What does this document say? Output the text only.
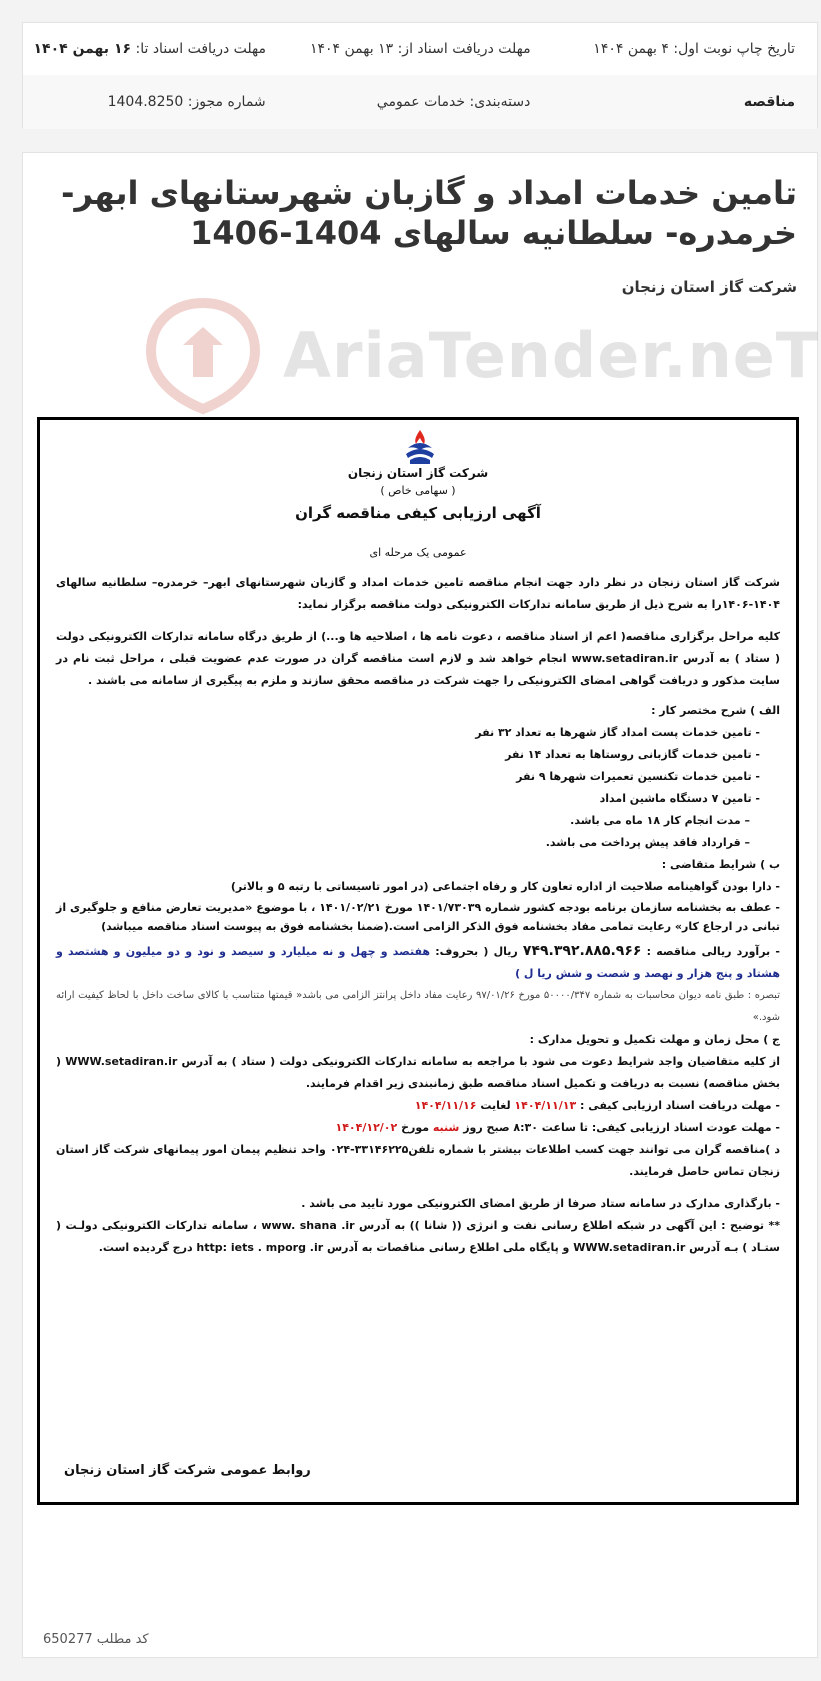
تاریخ چاپ نوبت اول: ۴ بهمن ۱۴۰۴
مهلت دریافت اسناد از: ۱۳ بهمن ۱۴۰۴
مهلت دریافت اسناد تا: ۱۶ بهمن ۱۴۰۴
مناقصه
دسته‌بندی: خدمات عمومي
شماره مجوز: 1404.8250
تامین خدمات امداد و گازبان شهرستانهای ابهر- خرمدره- سلطانیه سالهای 1404-1406
شرکت گاز استان زنجان
AriaTender.neT
شرکت گاز استان زنجان
( سهامی خاص )
آگهی ارزیابی کیفی مناقصه گران
عمومی یک مرحله ای

شرکت گاز استان زنجان در نظر دارد جهت انجام مناقصه تامین خدمات امداد و گازبان شهرستانهای ابهر– خرمدره– سلطانیه سالهای ۱۴۰۴-۱۴۰۶را به شرح ذیل از طریق سامانه تدارکات الکترونیکی دولت مناقصه برگزار نماید:

کلیه مراحل برگزاری مناقصه( اعم از اسناد مناقصه ، دعوت نامه ها ، اصلاحیه ها و...) از طریق درگاه سامانه تدارکات الکترونیکی دولت ( ستاد ) به آدرس www.setadiran.ir انجام خواهد شد و لازم است مناقصه گران در صورت عدم عضویت قبلی ، مراحل ثبت نام در سایت مذکور و دریافت گواهی امضای الکترونیکی را جهت شرکت در مناقصه محقق سازند و ملزم به پیگیری از سامانه می باشند .

الف ) شرح مختصر کار :

- تامین خدمات پست امداد گاز شهرها به تعداد ۳۲ نفر

- تامین خدمات گازبانی روستاها به تعداد ۱۴ نفر

- تامین خدمات تکنسین تعمیرات شهرها ۹ نفر

- تامین ۷ دستگاه ماشین امداد

– مدت انجام کار ۱۸ ماه می باشد.

– قرارداد فاقد پیش پرداخت می باشد.

ب ) شرایط متقاضی :

- دارا بودن گواهینامه صلاحیت از اداره تعاون کار و رفاه اجتماعی (در امور تاسیساتی با رتبه ۵ و بالاتر)

- عطف به بخشنامه سازمان برنامه بودجه کشور شماره ۱۴۰۱/۷۳۰۳۹ مورخ ۱۴۰۱/۰۲/۲۱ ، با موضوع «مدیریت تعارض منافع و جلوگیری از تبانی در ارجاع کار» رعایت تمامی مفاد بخشنامه فوق الذکر الزامی است.(ضمنا بخشنامه فوق به پیوست اسناد مناقصه میباشد)

- برآورد ریالی مناقصه : ۷۴۹.۳۹۲.۸۸۵.۹۶۶ ریال ( بحروف: هفتصد و چهل و نه میلیارد و سیصد و نود و دو میلیون و هشتصد و هشتاد و پنج هزار و نهصد و شصت و شش ریا ل )

تبصره : طبق نامه دیوان محاسبات به شماره ۵۰۰۰۰/۳۴۷ مورخ ۹۷/۰۱/۲۶ رعایت مفاد داخل پرانتز الزامی می باشد« قیمتها متناسب با کالای ساخت داخل با لحاظ کیفیت ارائه شود.»

ج ) محل زمان و مهلت تکمیل و تحویل مدارک :

از کلیه متقاضیان واجد شرایط دعوت می شود با مراجعه به سامانه تدارکات الکترونیکی دولت ( ستاد ) به آدرس WWW.setadiran.ir ( بخش مناقصه) نسبت به دریافت و تکمیل اسناد مناقصه طبق زمانبندی زیر اقدام فرمایند.

- مهلت دریافت اسناد ارزیابی کیفی : ۱۴۰۴/۱۱/۱۳ لغایت ۱۴۰۴/۱۱/۱۶

- مهلت عودت اسناد ارزیابی کیفی: تا ساعت ۸:۳۰ صبح روز شنبه مورخ ۱۴۰۴/۱۲/۰۲

د )مناقصه گران می توانند جهت کسب اطلاعات بیشتر با شماره تلفن۳۳۱۴۶۲۲۵-۰۲۴ واحد تنظیم پیمان امور پیمانهای شرکت گاز استان زنجان تماس حاصل فرمایند.

- بارگذاری مدارک در سامانه ستاد صرفا از طریق امضای الکترونیکی مورد تایید می باشد .

** توضیح : این آگهی در شبکه اطلاع رسانی نفت و انرژی (( شانا )) به آدرس www. shana .ir ، سامانه تدارکات الکترونیکی دولـت ( ستـاد ) بـه آدرس WWW.setadiran.ir و پایگاه ملی اطلاع رسانی مناقصات به آدرس http: iets . mporg .ir درج گردیده است.

روابط عمومی شرکت گاز استان زنجان
کد مطلب 650277
